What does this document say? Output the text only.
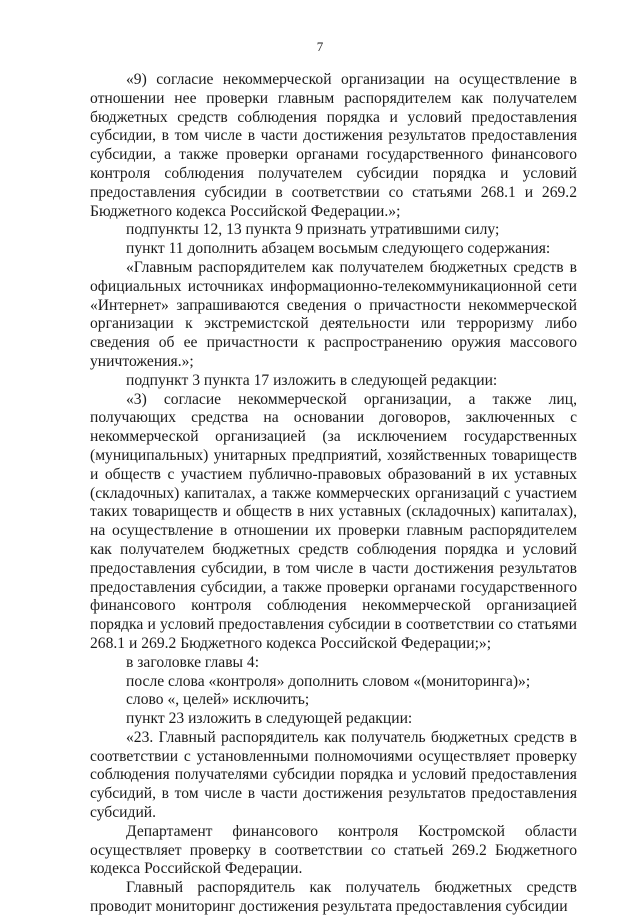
7

«9) согласие некоммерческой организации на осуществление в отношении нее проверки главным распорядителем как получателем бюджетных средств соблюдения порядка и условий предоставления субсидии, в том числе в части достижения результатов предоставления субсидии, а также проверки органами государственного финансового контроля соблюдения получателем субсидии порядка и условий предоставления субсидии в соответствии со статьями 268.1 и 269.2 Бюджетного кодекса Российской Федерации.»;

подпункты 12, 13 пункта 9 признать утратившими силу;

пункт 11 дополнить абзацем восьмым следующего содержания:

«Главным распорядителем как получателем бюджетных средств в официальных источниках информационно-телекоммуникационной сети «Интернет» запрашиваются сведения о причастности некоммерческой организации к экстремистской деятельности или терроризму либо сведения об ее причастности к распространению оружия массового уничтожения.»;

подпункт 3 пункта 17 изложить в следующей редакции:

«3) согласие некоммерческой организации, а также лиц, получающих средства на основании договоров, заключенных с некоммерческой организацией (за исключением государственных (муниципальных) унитарных предприятий, хозяйственных товариществ и обществ с участием публично-правовых образований в их уставных (складочных) капиталах, а также коммерческих организаций с участием таких товариществ и обществ в них уставных (складочных) капиталах), на осуществление в отношении их проверки главным распорядителем как получателем бюджетных средств соблюдения порядка и условий предоставления субсидии, в том числе в части достижения результатов предоставления субсидии, а также проверки органами государственного финансового контроля соблюдения некоммерческой организацией порядка и условий предоставления субсидии в соответствии со статьями 268.1 и 269.2 Бюджетного кодекса Российской Федерации;»;

в заголовке главы 4:

после слова «контроля» дополнить словом «(мониторинга)»;

слово «, целей» исключить;

пункт 23 изложить в следующей редакции:

«23. Главный распорядитель как получатель бюджетных средств в соответствии с установленными полномочиями осуществляет проверку соблюдения получателями субсидии порядка и условий предоставления субсидий, в том числе в части достижения результатов предоставления субсидий.

Департамент финансового контроля Костромской области осуществляет проверку в соответствии со статьей 269.2 Бюджетного кодекса Российской Федерации.

Главный распорядитель как получатель бюджетных средств проводит мониторинг достижения результата предоставления субсидии
